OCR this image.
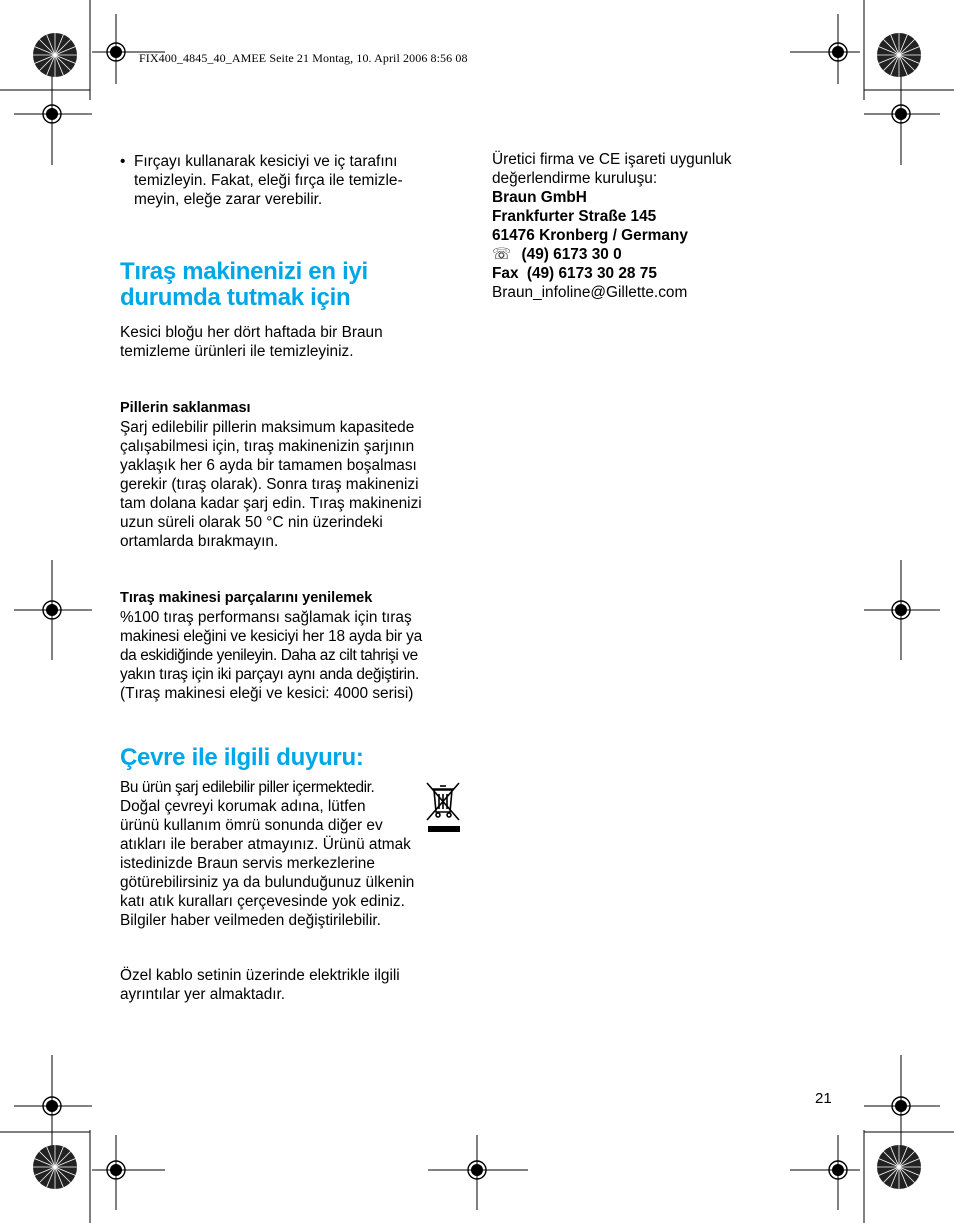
FIX400_4845_40_AMEE Seite 21 Montag, 10. April 2006 8:56 08
• Fırçayı kullanarak kesiciyi ve iç tarafını
temizleyin. Fakat, eleği fırça ile temizle-
meyin, eleğe zarar verebilir.
Tıraş makinenizi en iyi
durumda tutmak için
Kesici bloğu her dört haftada bir Braun
temizleme ürünleri ile temizleyiniz.
Pillerin saklanması
Şarj edilebilir pillerin maksimum kapasitede
çalışabilmesi için, tıraş makinenizin şarjının
yaklaşık her 6 ayda bir tamamen boşalması
gerekir (tıraş olarak). Sonra tıraş makinenizi
tam dolana kadar şarj edin. Tıraş makinenizi
uzun süreli olarak 50 °C nin üzerindeki
ortamlarda bırakmayın.
Tıraş makinesi parçalarını yenilemek
%100 tıraş performansı sağlamak için tıraş
makinesi eleğini ve kesiciyi her 18 ayda bir ya
da eskidiğinde yenileyin. Daha az cilt tahrişi ve
yakın tıraş için iki parçayı aynı anda değiştirin.
(Tıraş makinesi eleği ve kesici: 4000 serisi)
Çevre ile ilgili duyuru:
Bu ürün şarj edilebilir piller içermektedir.
Doğal çevreyi korumak adına, lütfen
ürünü kullanım ömrü sonunda diğer ev
atıkları ile beraber atmayınız. Ürünü atmak
istedinizde Braun servis merkezlerine
götürebilirsiniz ya da bulunduğunuz ülkenin
katı atık kuralları çerçevesinde yok ediniz.
Bilgiler haber veilmeden değiştirilebilir.
Özel kablo setinin üzerinde elektrikle ilgili
ayrıntılar yer almaktadır.
Üretici firma ve CE işareti uygunluk
değerlendirme kuruluşu:
Braun GmbH
Frankfurter Straße 145
61476 Kronberg / Germany
☏ (49) 6173 30 0
Fax (49) 6173 30 28 75
Braun_infoline@Gillette.com
21
